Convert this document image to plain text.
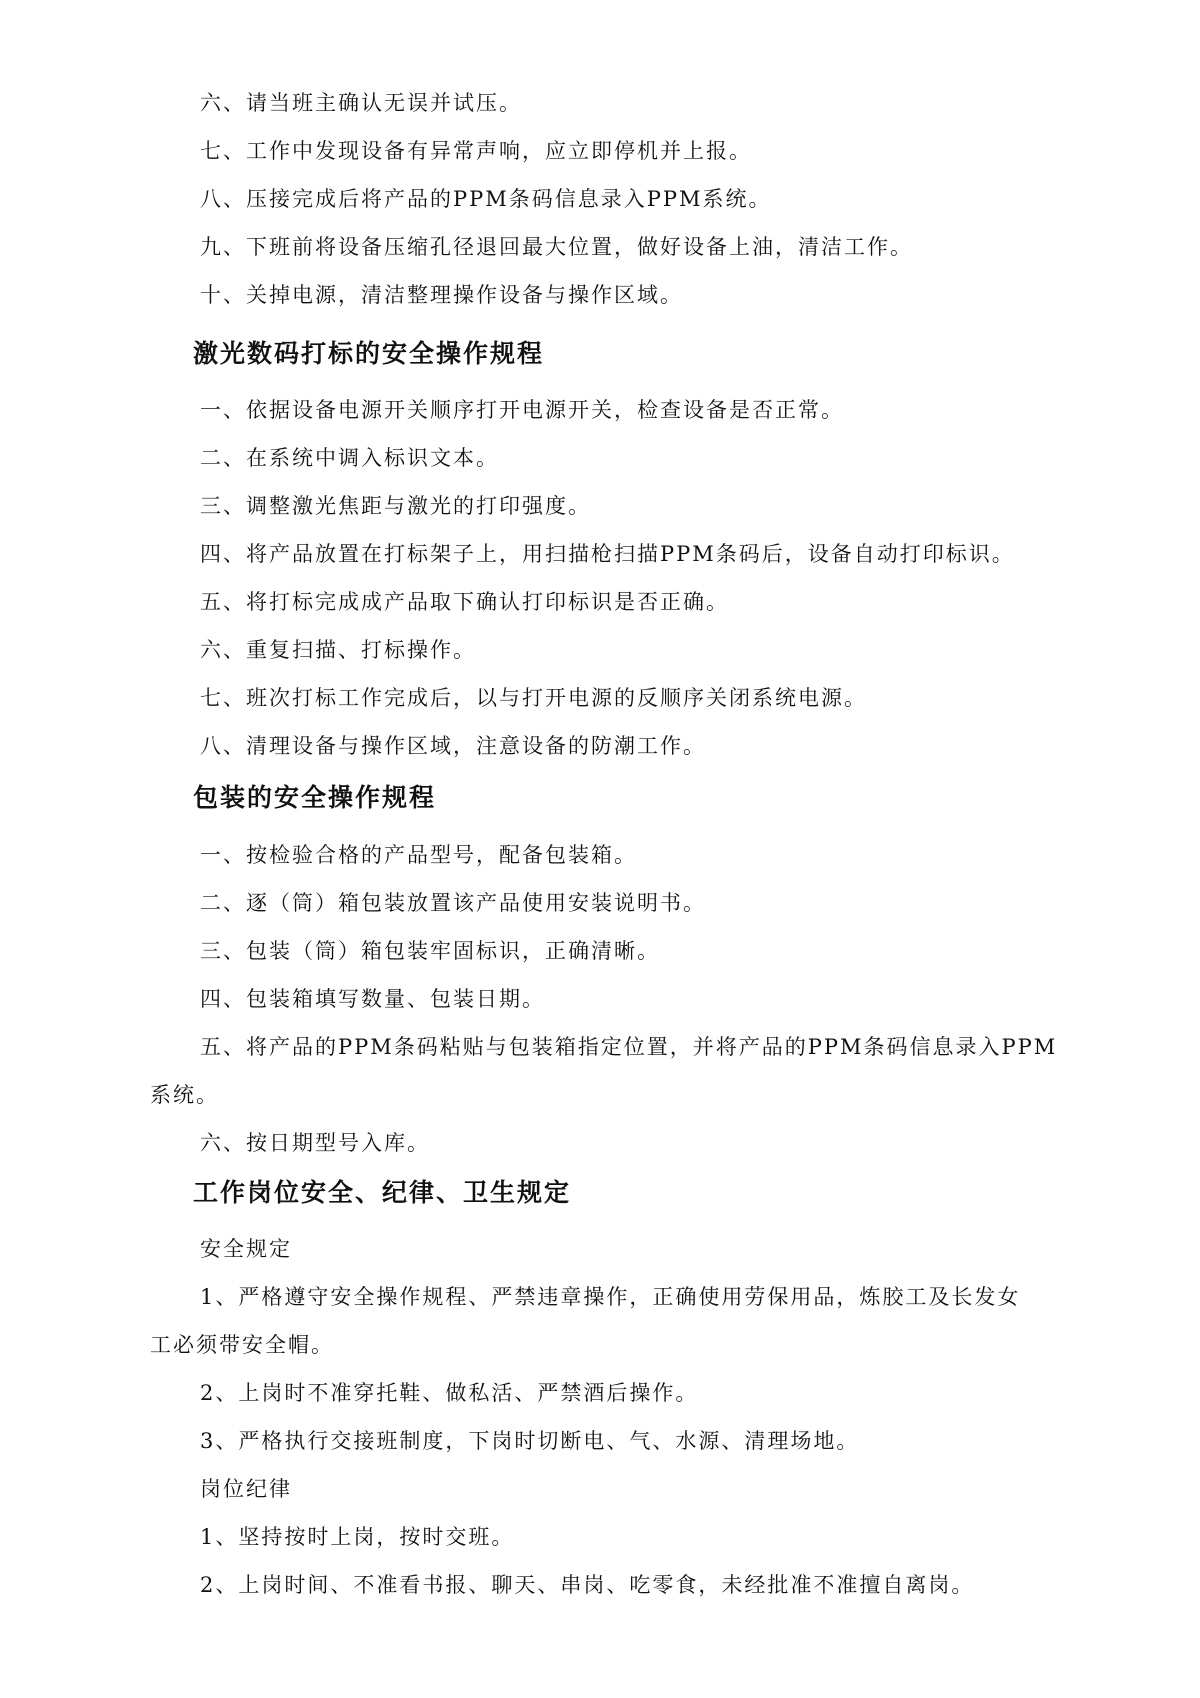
六、请当班主确认无误并试压。
七、工作中发现设备有异常声响，应立即停机并上报。
八、压接完成后将产品的PPM条码信息录入PPM系统。
九、下班前将设备压缩孔径退回最大位置，做好设备上油，清洁工作。
十、关掉电源，清洁整理操作设备与操作区域。
激光数码打标的安全操作规程
一、依据设备电源开关顺序打开电源开关，检查设备是否正常。
二、在系统中调入标识文本。
三、调整激光焦距与激光的打印强度。
四、将产品放置在打标架子上，用扫描枪扫描PPM条码后，设备自动打印标识。
五、将打标完成成产品取下确认打印标识是否正确。
六、重复扫描、打标操作。
七、班次打标工作完成后，以与打开电源的反顺序关闭系统电源。
八、清理设备与操作区域，注意设备的防潮工作。
包装的安全操作规程
一、按检验合格的产品型号，配备包装箱。
二、逐（筒）箱包装放置该产品使用安装说明书。
三、包装（筒）箱包装牢固标识，正确清晰。
四、包装箱填写数量、包装日期。
五、将产品的PPM条码粘贴与包装箱指定位置，并将产品的PPM条码信息录入PPM
系统。
六、按日期型号入库。
工作岗位安全、纪律、卫生规定
安全规定
1、严格遵守安全操作规程、严禁违章操作，正确使用劳保用品，炼胶工及长发女
工必须带安全帽。
2、上岗时不准穿托鞋、做私活、严禁酒后操作。
3、严格执行交接班制度，下岗时切断电、气、水源、清理场地。
岗位纪律
1、坚持按时上岗，按时交班。
2、上岗时间、不准看书报、聊天、串岗、吃零食，未经批准不准擅自离岗。
